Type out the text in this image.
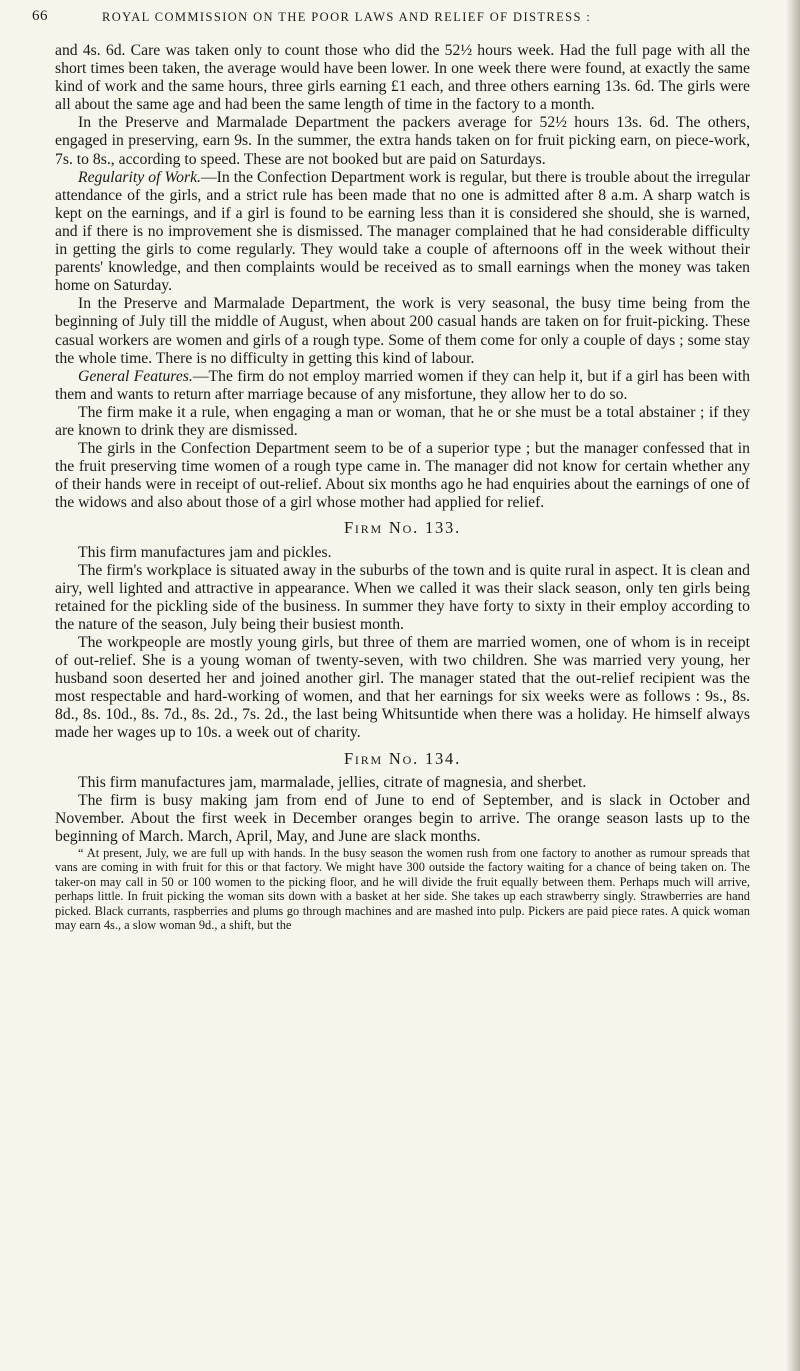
66	ROYAL COMMISSION ON THE POOR LAWS AND RELIEF OF DISTRESS :

and 4s. 6d. Care was taken only to count those who did the 52½ hours week. Had the full page with all the short times been taken, the average would have been lower. In one week there were found, at exactly the same kind of work and the same hours, three girls earning £1 each, and three others earning 13s. 6d. The girls were all about the same age and had been the same length of time in the factory to a month.

In the Preserve and Marmalade Department the packers average for 52½ hours 13s. 6d. The others, engaged in preserving, earn 9s. In the summer, the extra hands taken on for fruit picking earn, on piece-work, 7s. to 8s., according to speed. These are not booked but are paid on Saturdays.

Regularity of Work.—In the Confection Department work is regular, but there is trouble about the irregular attendance of the girls, and a strict rule has been made that no one is admitted after 8 a.m. A sharp watch is kept on the earnings, and if a girl is found to be earning less than it is considered she should, she is warned, and if there is no improvement she is dismissed. The manager complained that he had considerable difficulty in getting the girls to come regularly. They would take a couple of afternoons off in the week without their parents' knowledge, and then complaints would be received as to small earnings when the money was taken home on Saturday.

In the Preserve and Marmalade Department, the work is very seasonal, the busy time being from the beginning of July till the middle of August, when about 200 casual hands are taken on for fruit-picking. These casual workers are women and girls of a rough type. Some of them come for only a couple of days ; some stay the whole time. There is no difficulty in getting this kind of labour.

General Features.—The firm do not employ married women if they can help it, but if a girl has been with them and wants to return after marriage because of any misfortune, they allow her to do so.

The firm make it a rule, when engaging a man or woman, that he or she must be a total abstainer ; if they are known to drink they are dismissed.

The girls in the Confection Department seem to be of a superior type ; but the manager confessed that in the fruit preserving time women of a rough type came in. The manager did not know for certain whether any of their hands were in receipt of out-relief. About six months ago he had enquiries about the earnings of one of the widows and also about those of a girl whose mother had applied for relief.

Firm No. 133.

This firm manufactures jam and pickles.

The firm's workplace is situated away in the suburbs of the town and is quite rural in aspect. It is clean and airy, well lighted and attractive in appearance. When we called it was their slack season, only ten girls being retained for the pickling side of the business. In summer they have forty to sixty in their employ according to the nature of the season, July being their busiest month.

The workpeople are mostly young girls, but three of them are married women, one of whom is in receipt of out-relief. She is a young woman of twenty-seven, with two children. She was married very young, her husband soon deserted her and joined another girl. The manager stated that the out-relief recipient was the most respectable and hard-working of women, and that her earnings for six weeks were as follows : 9s., 8s. 8d., 8s. 10d., 8s. 7d., 8s. 2d., 7s. 2d., the last being Whitsuntide when there was a holiday. He himself always made her wages up to 10s. a week out of charity.

Firm No. 134.

This firm manufactures jam, marmalade, jellies, citrate of magnesia, and sherbet.

The firm is busy making jam from end of June to end of September, and is slack in October and November. About the first week in December oranges begin to arrive. The orange season lasts up to the beginning of March. March, April, May, and June are slack months.

“ At present, July, we are full up with hands. In the busy season the women rush from one factory to another as rumour spreads that vans are coming in with fruit for this or that factory. We might have 300 outside the factory waiting for a chance of being taken on. The taker-on may call in 50 or 100 women to the picking floor, and he will divide the fruit equally between them. Perhaps much will arrive, perhaps little. In fruit picking the woman sits down with a basket at her side. She takes up each strawberry singly. Strawberries are hand picked. Black currants, raspberries and plums go through machines and are mashed into pulp. Pickers are paid piece rates. A quick woman may earn 4s., a slow woman 9d., a shift, but the
